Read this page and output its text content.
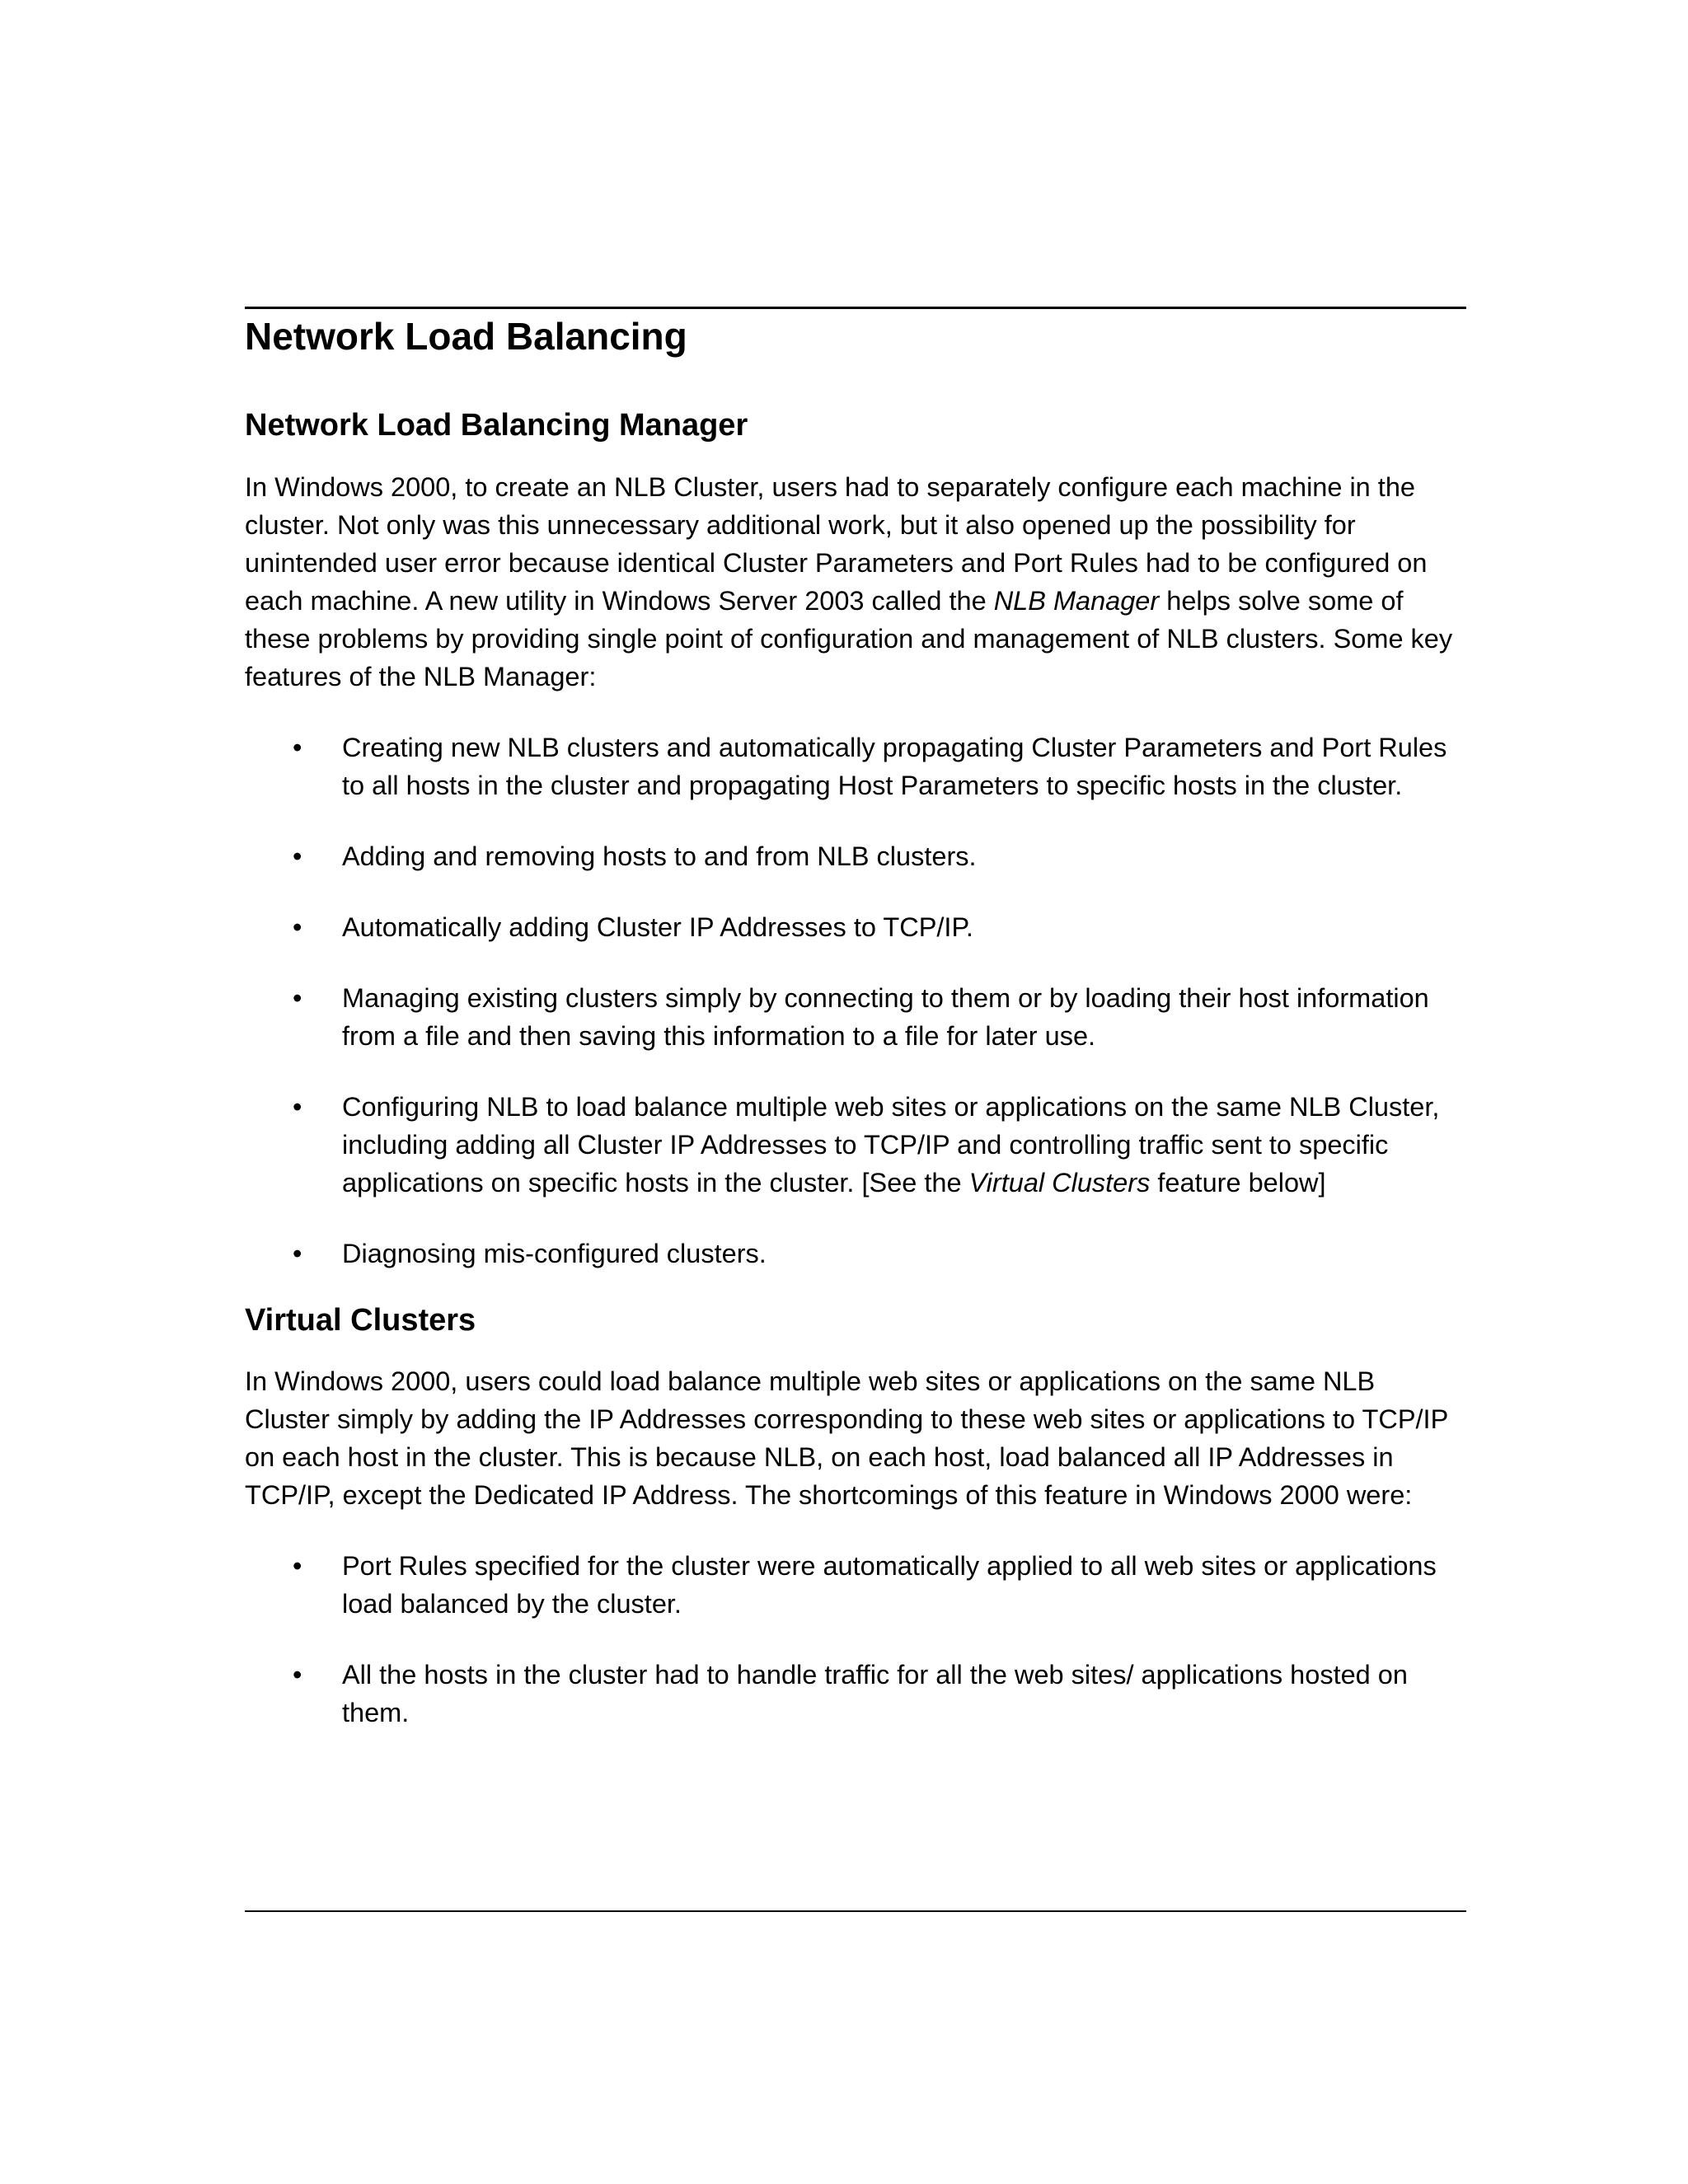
Network Load Balancing
Network Load Balancing Manager

In Windows 2000, to create an NLB Cluster, users had to separately configure each machine in the cluster. Not only was this unnecessary additional work, but it also opened up the possibility for unintended user error because identical Cluster Parameters and Port Rules had to be configured on each machine. A new utility in Windows Server 2003 called the NLB Manager helps solve some of these problems by providing single point of configuration and management of NLB clusters. Some key features of the NLB Manager:

• Creating new NLB clusters and automatically propagating Cluster Parameters and Port Rules to all hosts in the cluster and propagating Host Parameters to specific hosts in the cluster.
• Adding and removing hosts to and from NLB clusters.
• Automatically adding Cluster IP Addresses to TCP/IP.
• Managing existing clusters simply by connecting to them or by loading their host information from a file and then saving this information to a file for later use.
• Configuring NLB to load balance multiple web sites or applications on the same NLB Cluster, including adding all Cluster IP Addresses to TCP/IP and controlling traffic sent to specific applications on specific hosts in the cluster. [See the Virtual Clusters feature below]
• Diagnosing mis-configured clusters.
Virtual Clusters

In Windows 2000, users could load balance multiple web sites or applications on the same NLB Cluster simply by adding the IP Addresses corresponding to these web sites or applications to TCP/IP on each host in the cluster. This is because NLB, on each host, load balanced all IP Addresses in TCP/IP, except the Dedicated IP Address. The shortcomings of this feature in Windows 2000 were:

• Port Rules specified for the cluster were automatically applied to all web sites or applications load balanced by the cluster.
• All the hosts in the cluster had to handle traffic for all the web sites/ applications hosted on them.
